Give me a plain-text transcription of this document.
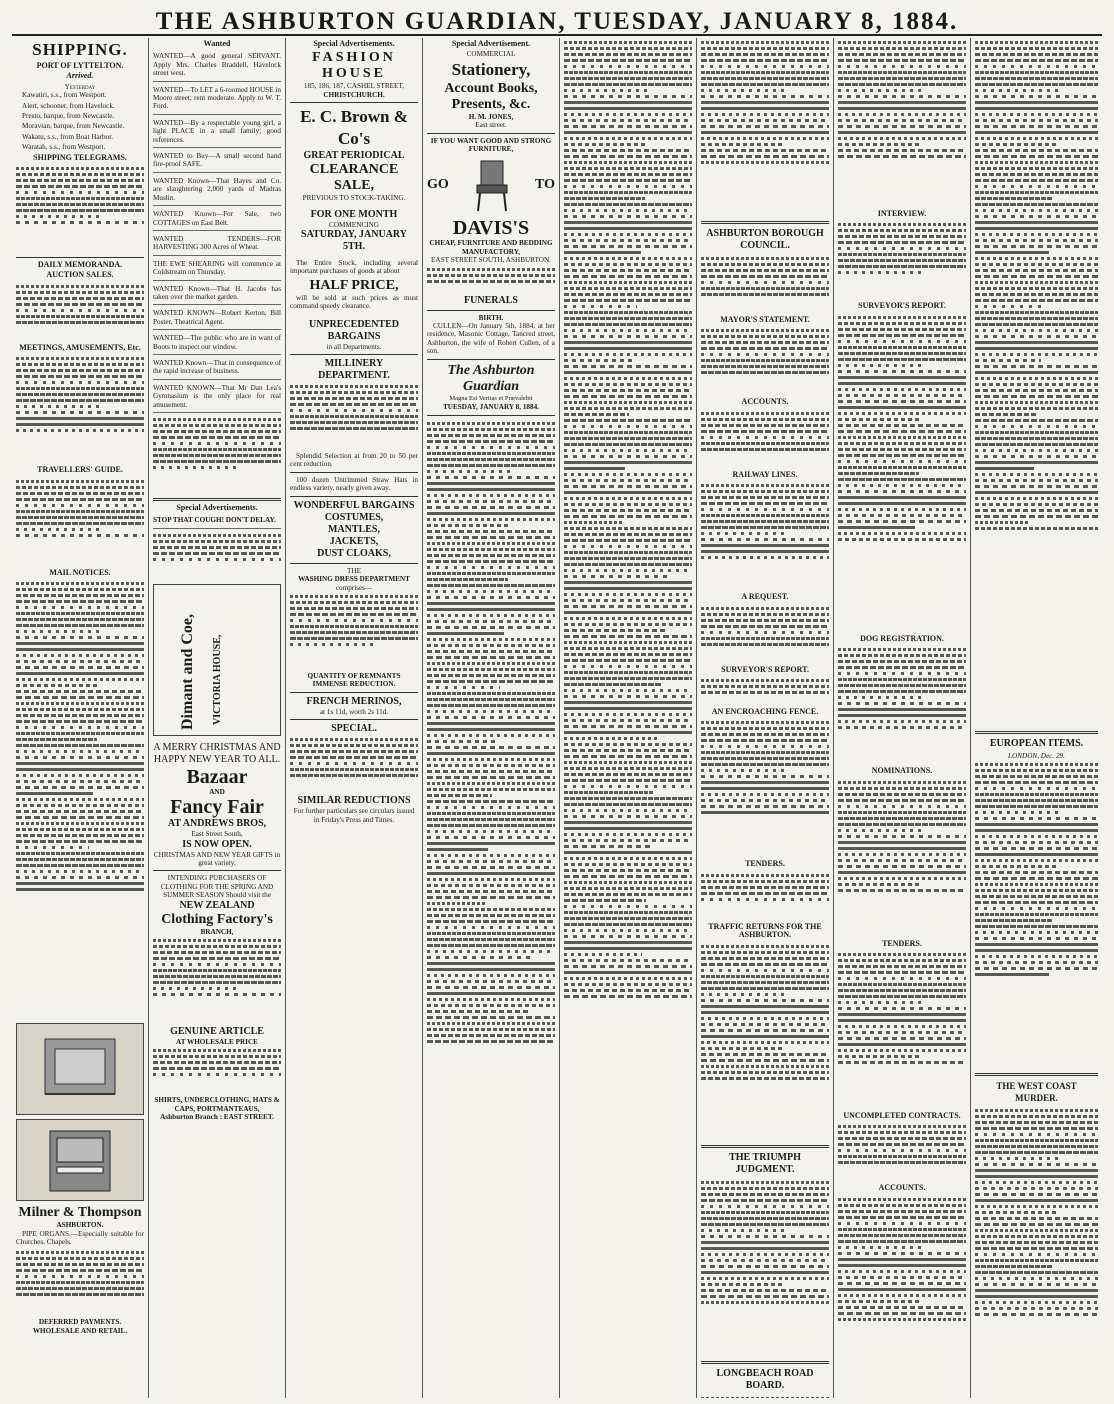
THE ASHBURTON GUARDIAN, TUESDAY, JANUARY 8, 1884.
SHIPPING.
PORT OF LYTTELTON.
Arrived.
Yesterday
Kawatiri, s.s., from Westport.
Alert, schooner, from Havelock.
Presto, barque, from Newcastle.
Moravian, barque, from Newcastle.
Wakatu, s.s., from Boat Harbor.
Waratah, s.s., from Westport.
SHIPPING TELEGRAMS.
DAILY MEMORANDA.
AUCTION SALES.
MEETINGS, AMUSEMENTS, Etc.
TRAVELLERS' GUIDE.
MAIL NOTICES.
Milner & Thompson
ASHBURTON.
PIPE ORGANS.—Especially suitable for Churches, Chapels.
DEFERRED PAYMENTS. WHOLESALE AND RETAIL.
Wanted
WANTED—A good general SERVANT. Apply Mrs. Charles Braddell, Havelock street west.
WANTED—To LET a 6-roomed HOUSE in Moore street; rent moderate. Apply to W. T. Ford.
WANTED—By a respectable young girl, a light PLACE in a small family; good references.
WANTED to Buy—A small second hand fire-proof SAFE.
WANTED Known—That Hayes and Co. are slaughtering 2,000 yards of Madras Muslin.
WANTED Known—For Sale, two COTTAGES on East Belt.
WANTED TENDERS—FOR HARVESTING 300 Acres of Wheat.
THE EWE SHEARING will commence at Coldstream on Thursday.
WANTED Known—That H. Jacobs has taken over the market garden.
WANTED KNOWN—Robert Kerton, Bill Poster, Theatrical Agent.
WANTED—The public who are in want of Boots to inspect our window.
WANTED Known—That in consequence of the rapid increase of business.
WANTED KNOWN—That Mr Dan Lea's Gymnasium is the only place for real amusement.
Special Advertisements.
STOP THAT COUGH! DON'T DELAY.
Dimant and Coe, VICTORIA HOUSE,
A MERRY CHRISTMAS AND HAPPY NEW YEAR TO ALL.
Bazaar
AND
Fancy Fair
AT ANDREWS BROS,
East Street South,
IS NOW OPEN.
CHRISTMAS AND NEW YEAR GIFTS in great variety.
INTENDING PURCHASERS OF CLOTHING FOR THE SPRING AND SUMMER SEASON Should visit the
NEW ZEALAND
Clothing Factory's
BRANCH,
GENUINE ARTICLE
AT WHOLESALE PRICE
SHIRTS, UNDERCLOTHING, HATS & CAPS, PORTMANTEAUS,
Ashburton Branch : EAST STREET.
Special Advertisements.
FASHION HOUSE
185, 186, 187, CASHEL STREET,
CHRISTCHURCH.
E. C. Brown & Co's
GREAT PERIODICAL
CLEARANCE SALE,
PREVIOUS TO STOCK-TAKING.
FOR ONE MONTH
COMMENCING
SATURDAY, JANUARY 5TH.
The Entire Stock, including several important purchases of goods at about
HALF PRICE,
will be sold at such prices as must command speedy clearance.
UNPRECEDENTED BARGAINS
in all Departments.
MILLINERY DEPARTMENT.
Splendid Selection at from 20 to 50 per cent reduction.
100 dozen Untrimmed Straw Hats in endless variety, nearly given away.
WONDERFUL BARGAINS
COSTUMES,
MANTLES,
JACKETS,
DUST CLOAKS,
THE
WASHING DRESS DEPARTMENT
comprises—
QUANTITY OF REMNANTS
IMMENSE REDUCTION.
FRENCH MERINOS,
at 1s 11d, worth 2s 11d.
SPECIAL.
SIMILAR REDUCTIONS
For further particulars see circulars issued in Friday's Press and Times.
Special Advertisement.
COMMERCIAL
Stationery,
Account Books,
Presents, &c.
H. M. JONES,
East street.
IF YOU WANT GOOD AND STRONG FURNITURE,
GO	TO
DAVIS'S
CHEAP, FURNITURE AND BEDDING MANUFACTORY,
EAST STREET SOUTH, ASHBURTON.
FUNERALS
BIRTH.
CULLEN—On January 5th, 1884, at her residence, Masonic Cottage, Tancred street, Ashburton, the wife of Robert Cullen, of a son.
The Ashburton Guardian
Magna Est Veritas et Prævalebit
TUESDAY, JANUARY 8, 1884.
ASHBURTON BOROUGH COUNCIL.
MAYOR'S STATEMENT.
ACCOUNTS.
RAILWAY LINES.
A REQUEST.
SURVEYOR'S REPORT.
AN ENCROACHING FENCE.
TENDERS.
TRAFFIC RETURNS FOR THE ASHBURTON.
THE TRIUMPH JUDGMENT.
LONGBEACH ROAD BOARD.
INTERVIEW.
SURVEYOR'S REPORT.
DOG REGISTRATION.
NOMINATIONS.
TENDERS.
UNCOMPLETED CONTRACTS.
ACCOUNTS.
EUROPEAN ITEMS.
LONDON, Dec. 29.
THE WEST COAST MURDER.
